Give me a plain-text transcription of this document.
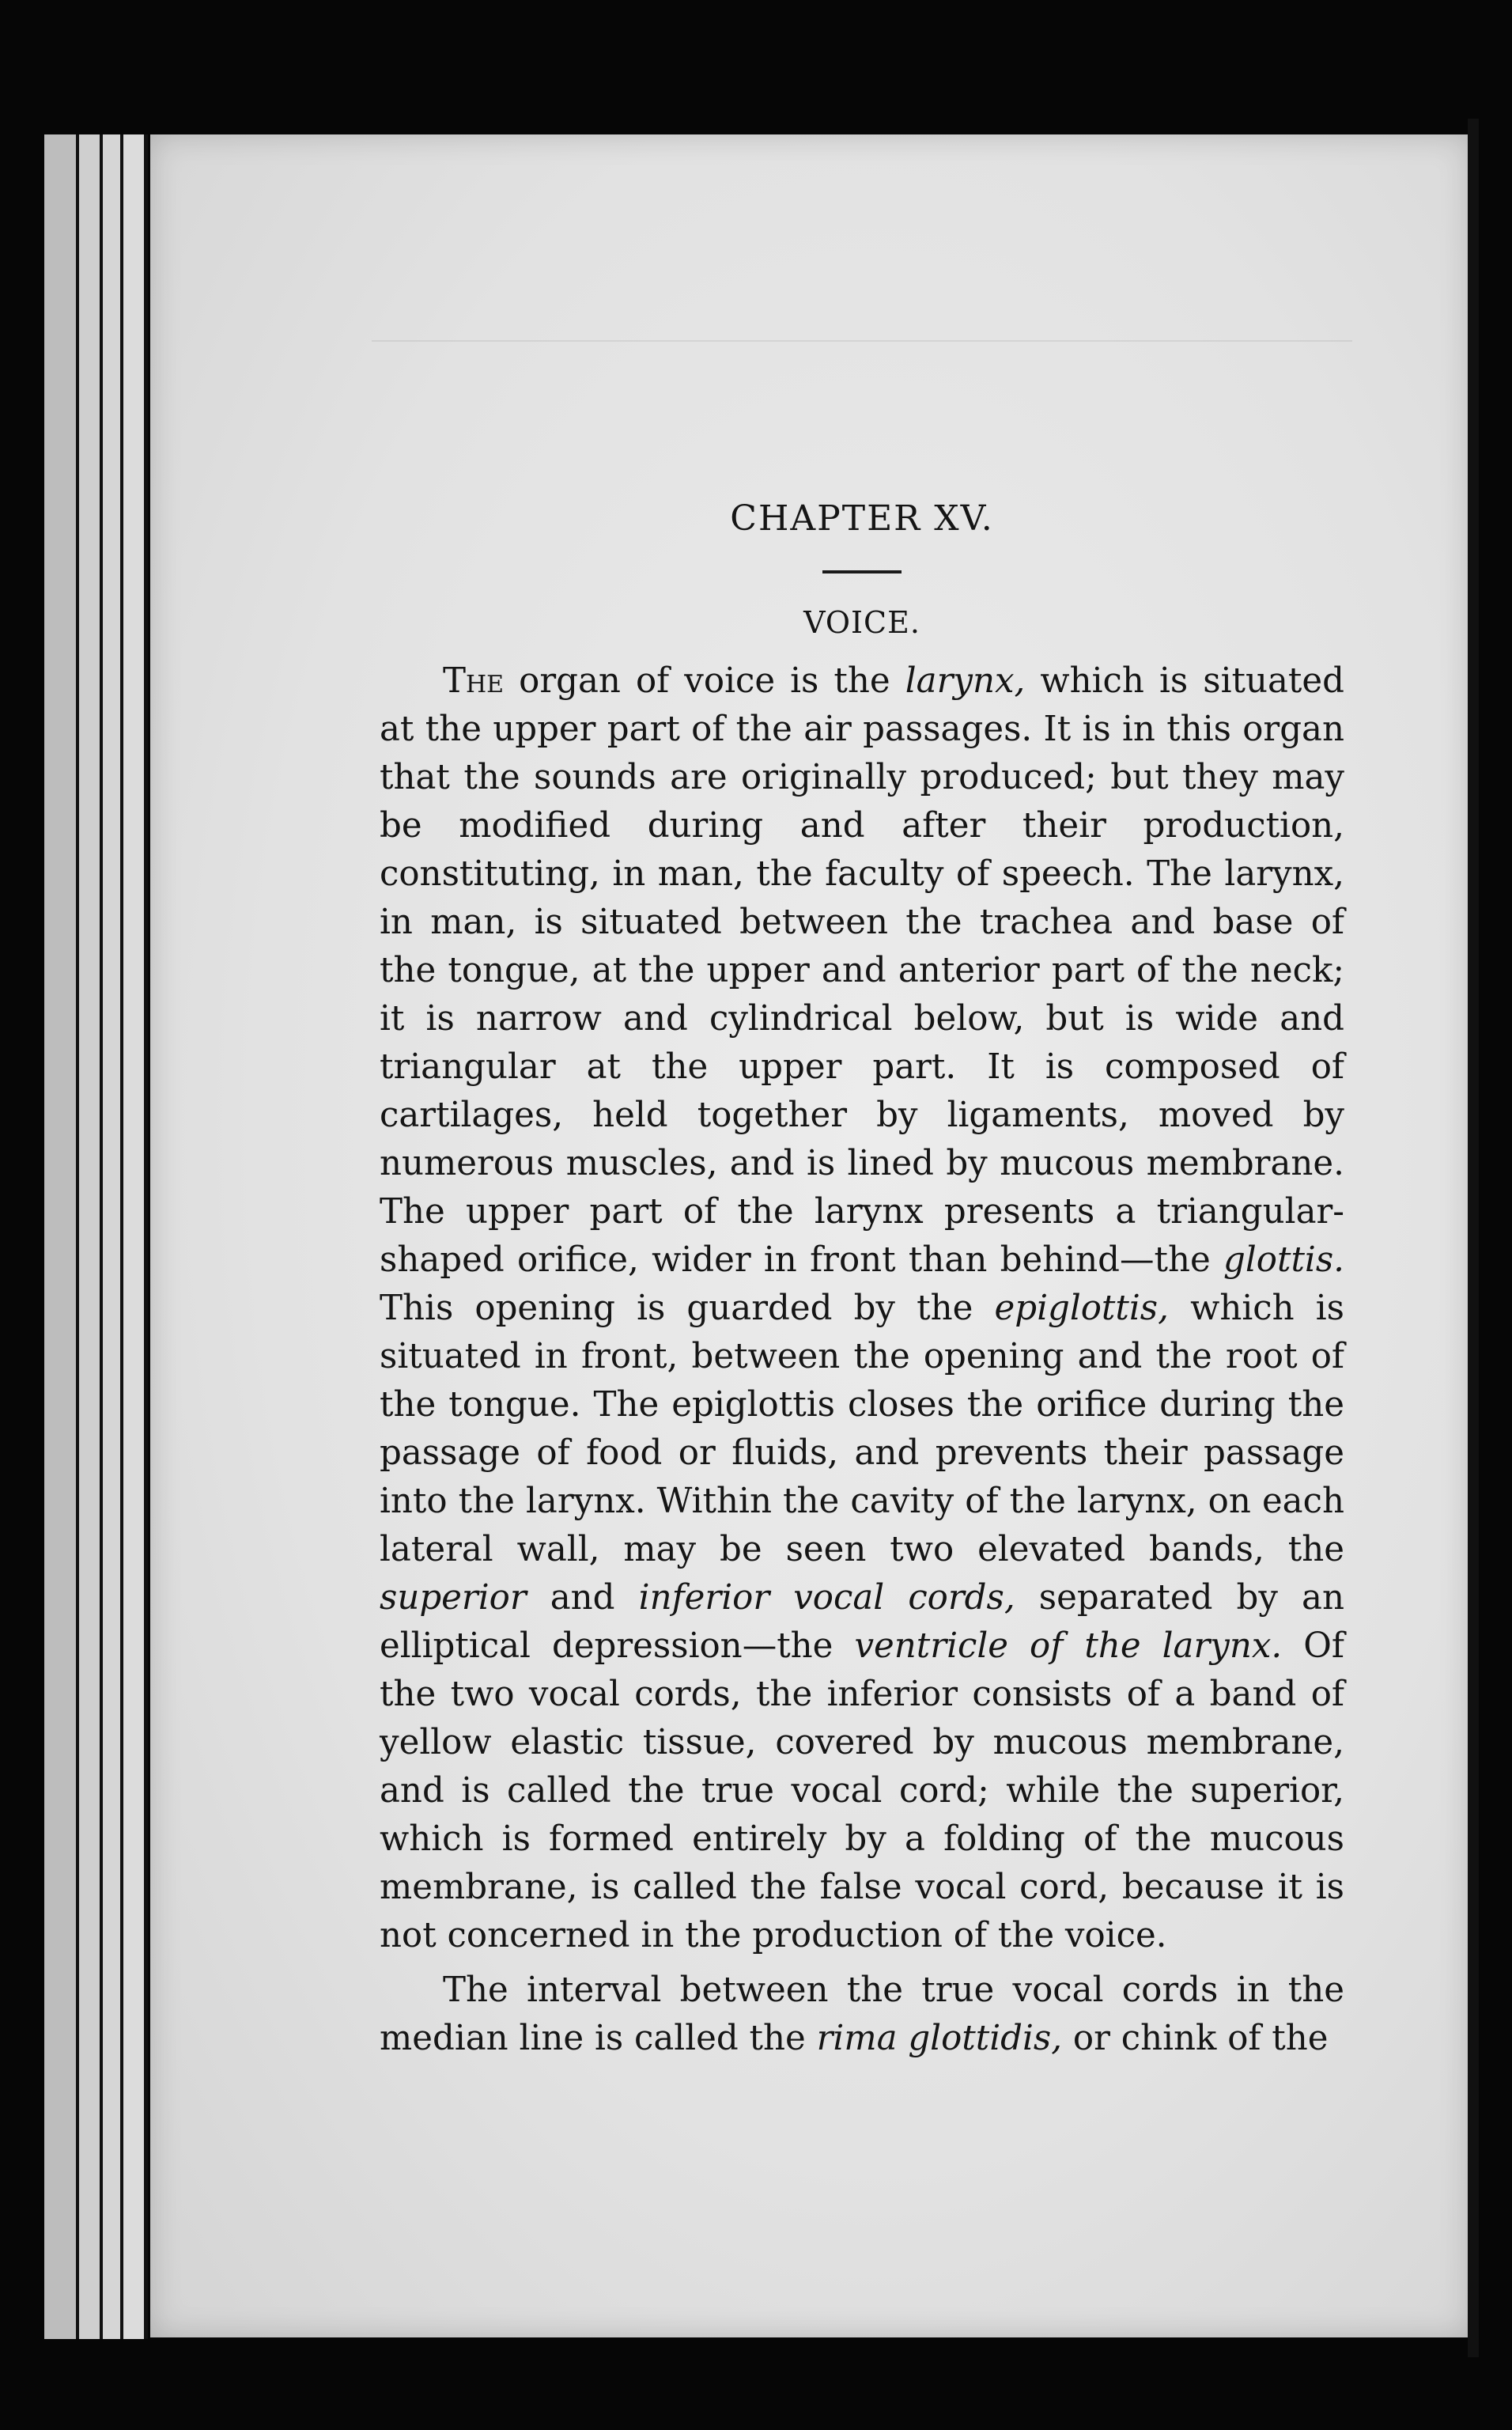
CHAPTER XV.
VOICE.

The organ of voice is the larynx, which is situated at the upper part of the air passages. It is in this organ that the sounds are originally produced; but they may be modified during and after their production, constituting, in man, the faculty of speech. The larynx, in man, is situated between the trachea and base of the tongue, at the upper and anterior part of the neck; it is narrow and cylindrical below, but is wide and triangular at the upper part. It is composed of cartilages, held together by ligaments, moved by numerous muscles, and is lined by mucous membrane. The upper part of the larynx presents a triangular-shaped orifice, wider in front than behind—the glottis. This opening is guarded by the epiglottis, which is situated in front, between the opening and the root of the tongue. The epiglottis closes the orifice during the passage of food or fluids, and prevents their passage into the larynx. Within the cavity of the larynx, on each lateral wall, may be seen two elevated bands, the superior and inferior vocal cords, separated by an elliptical depression—the ventricle of the larynx. Of the two vocal cords, the inferior consists of a band of yellow elastic tissue, covered by mucous membrane, and is called the true vocal cord; while the superior, which is formed entirely by a folding of the mucous membrane, is called the false vocal cord, because it is not concerned in the production of the voice.

The interval between the true vocal cords in the median line is called the rima glottidis, or chink of the
